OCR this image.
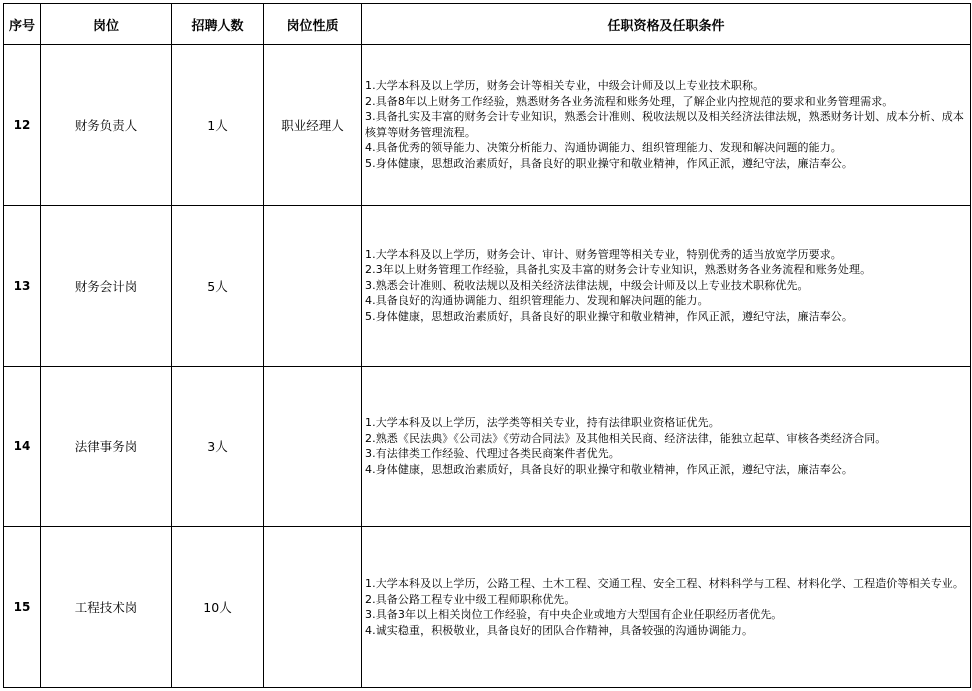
序号	岗位	招聘人数	岗位性质	任职资格及任职条件
12	财务负责人	1人	职业经理人	1.大学本科及以上学历，财务会计等相关专业，中级会计师及以上专业技术职称。
2.具备8年以上财务工作经验，熟悉财务各业务流程和账务处理，了解企业内控规范的要求和业务管理需求。
3.具备扎实及丰富的财务会计专业知识，熟悉会计准则、税收法规以及相关经济法律法规，熟悉财务计划、成本分析、成本核算等财务管理流程。
4.具备优秀的领导能力、决策分析能力、沟通协调能力、组织管理能力、发现和解决问题的能力。
5.身体健康，思想政治素质好，具备良好的职业操守和敬业精神，作风正派，遵纪守法，廉洁奉公。

13	财务会计岗	5人		1.大学本科及以上学历，财务会计、审计、财务管理等相关专业，特别优秀的适当放宽学历要求。
2.3年以上财务管理工作经验，具备扎实及丰富的财务会计专业知识，熟悉财务各业务流程和账务处理。
3.熟悉会计准则、税收法规以及相关经济法律法规，中级会计师及以上专业技术职称优先。
4.具备良好的沟通协调能力、组织管理能力、发现和解决问题的能力。
5.身体健康，思想政治素质好，具备良好的职业操守和敬业精神，作风正派，遵纪守法，廉洁奉公。

14	法律事务岗	3人		1.大学本科及以上学历，法学类等相关专业，持有法律职业资格证优先。
2.熟悉《民法典》《公司法》《劳动合同法》及其他相关民商、经济法律，能独立起草、审核各类经济合同。
3.有法律类工作经验、代理过各类民商案件者优先。
4.身体健康，思想政治素质好，具备良好的职业操守和敬业精神，作风正派，遵纪守法，廉洁奉公。

15	工程技术岗	10人		1.大学本科及以上学历，公路工程、土木工程、交通工程、安全工程、材料科学与工程、材料化学、工程造价等相关专业。
2.具备公路工程专业中级工程师职称优先。
3.具备3年以上相关岗位工作经验，有中央企业或地方大型国有企业任职经历者优先。
4.诚实稳重，积极敬业，具备良好的团队合作精神，具备较强的沟通协调能力。
